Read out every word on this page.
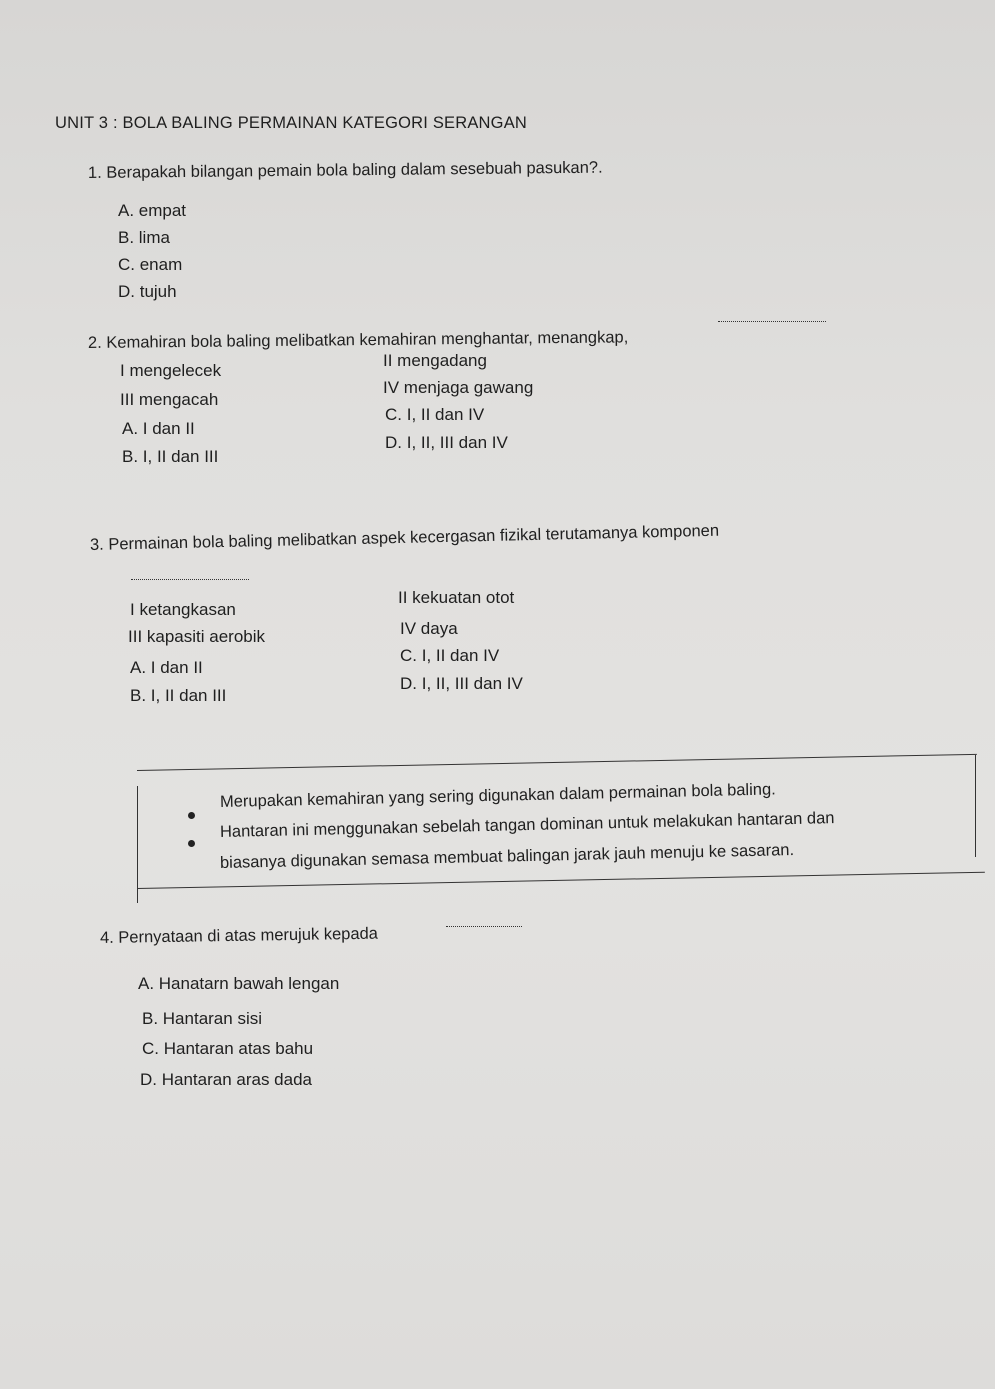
UNIT 3 : BOLA BALING PERMAINAN KATEGORI SERANGAN
1. Berapakah bilangan pemain bola baling dalam sesebuah pasukan?.
A. empat
B. lima
C. enam
D. tujuh
2. Kemahiran bola baling melibatkan kemahiran menghantar, menangkap,
I mengelecek
II mengadang
III mengacah
IV menjaga gawang
A. I dan II
C. I, II dan IV
B. I, II dan III
D. I, II, III dan IV
3. Permainan bola baling melibatkan aspek kecergasan fizikal terutamanya komponen
I ketangkasan
II kekuatan otot
III kapasiti aerobik	IV daya
A. I dan II
C. I, II dan IV
B. I, II dan III
D. I, II, III dan IV
Merupakan kemahiran yang sering digunakan dalam permainan bola baling.
Hantaran ini menggunakan sebelah tangan dominan untuk melakukan hantaran dan
biasanya digunakan semasa membuat balingan jarak jauh menuju ke sasaran.
4. Pernyataan di atas merujuk kepada
A. Hanatarn bawah lengan
B. Hantaran sisi
C. Hantaran atas bahu
D. Hantaran aras dada
